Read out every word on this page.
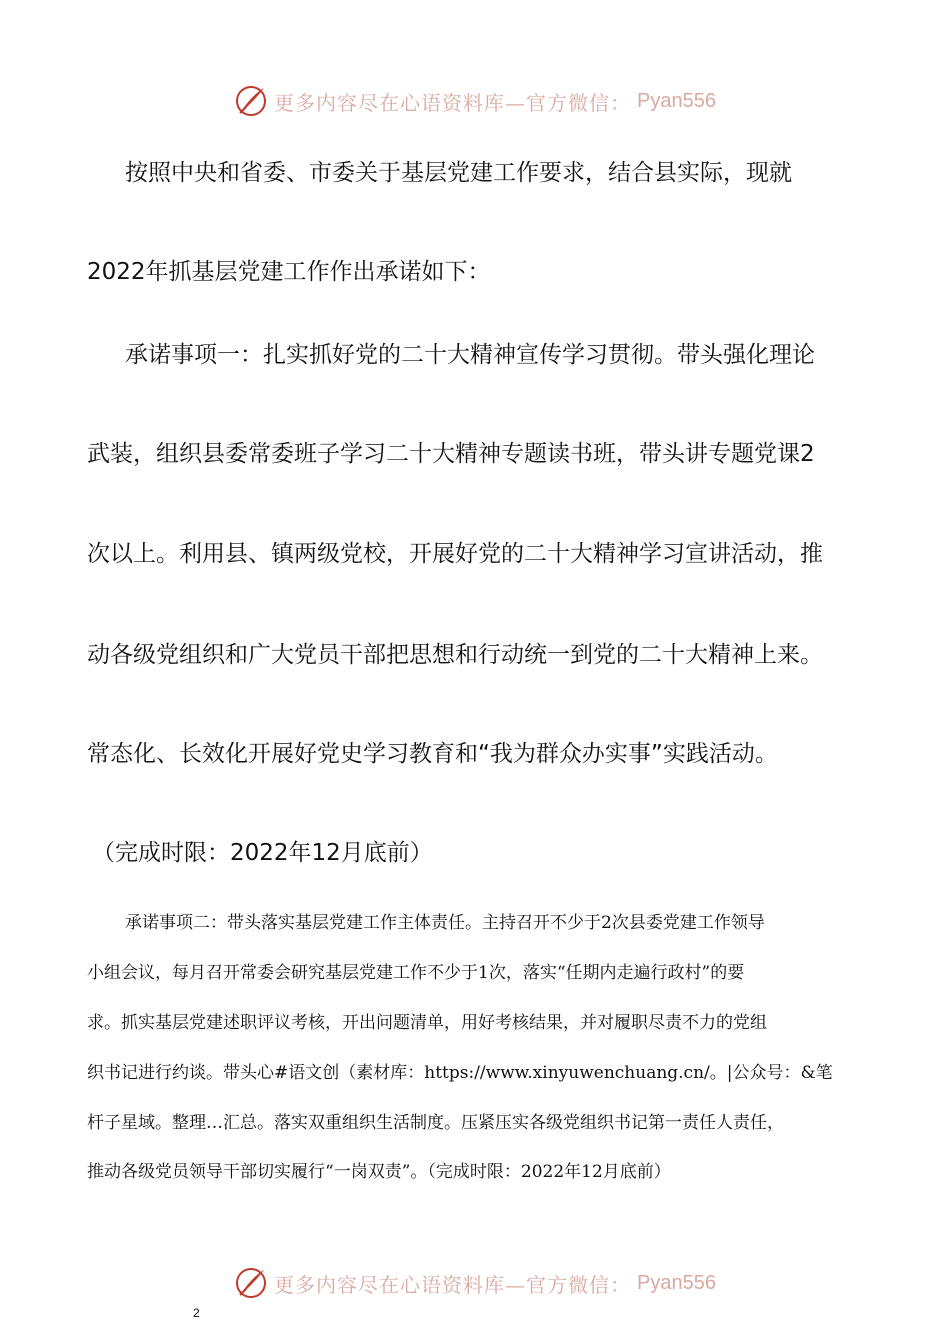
更多内容尽在心语资料库—官方微信： Pyan556
按照中央和省委、市委关于基层党建工作要求，结合县实际，现就
2022年抓基层党建工作作出承诺如下：
承诺事项一：扎实抓好党的二十大精神宣传学习贯彻。带头强化理论
武装，组织县委常委班子学习二十大精神专题读书班，带头讲专题党课2
次以上。利用县、镇两级党校，开展好党的二十大精神学习宣讲活动，推
动各级党组织和广大党员干部把思想和行动统一到党的二十大精神上来。
常态化、长效化开展好党史学习教育和“我为群众办实事”实践活动。
（完成时限：2022年12月底前）
承诺事项二：带头落实基层党建工作主体责任。主持召开不少于2次县委党建工作领导
小组会议，每月召开常委会研究基层党建工作不少于1次，落实“任期内走遍行政村”的要
求。抓实基层党建述职评议考核，开出问题清单，用好考核结果，并对履职尽责不力的党组
织书记进行约谈。带头心#语文创（素材库：https://www.xinyuwenchuang.cn/。|公众号：&笔
杆子星域。整理…汇总。落实双重组织生活制度。压紧压实各级党组织书记第一责任人责任，
推动各级党员领导干部切实履行“一岗双责”。（完成时限：2022年12月底前）
更多内容尽在心语资料库—官方微信： Pyan556
2
